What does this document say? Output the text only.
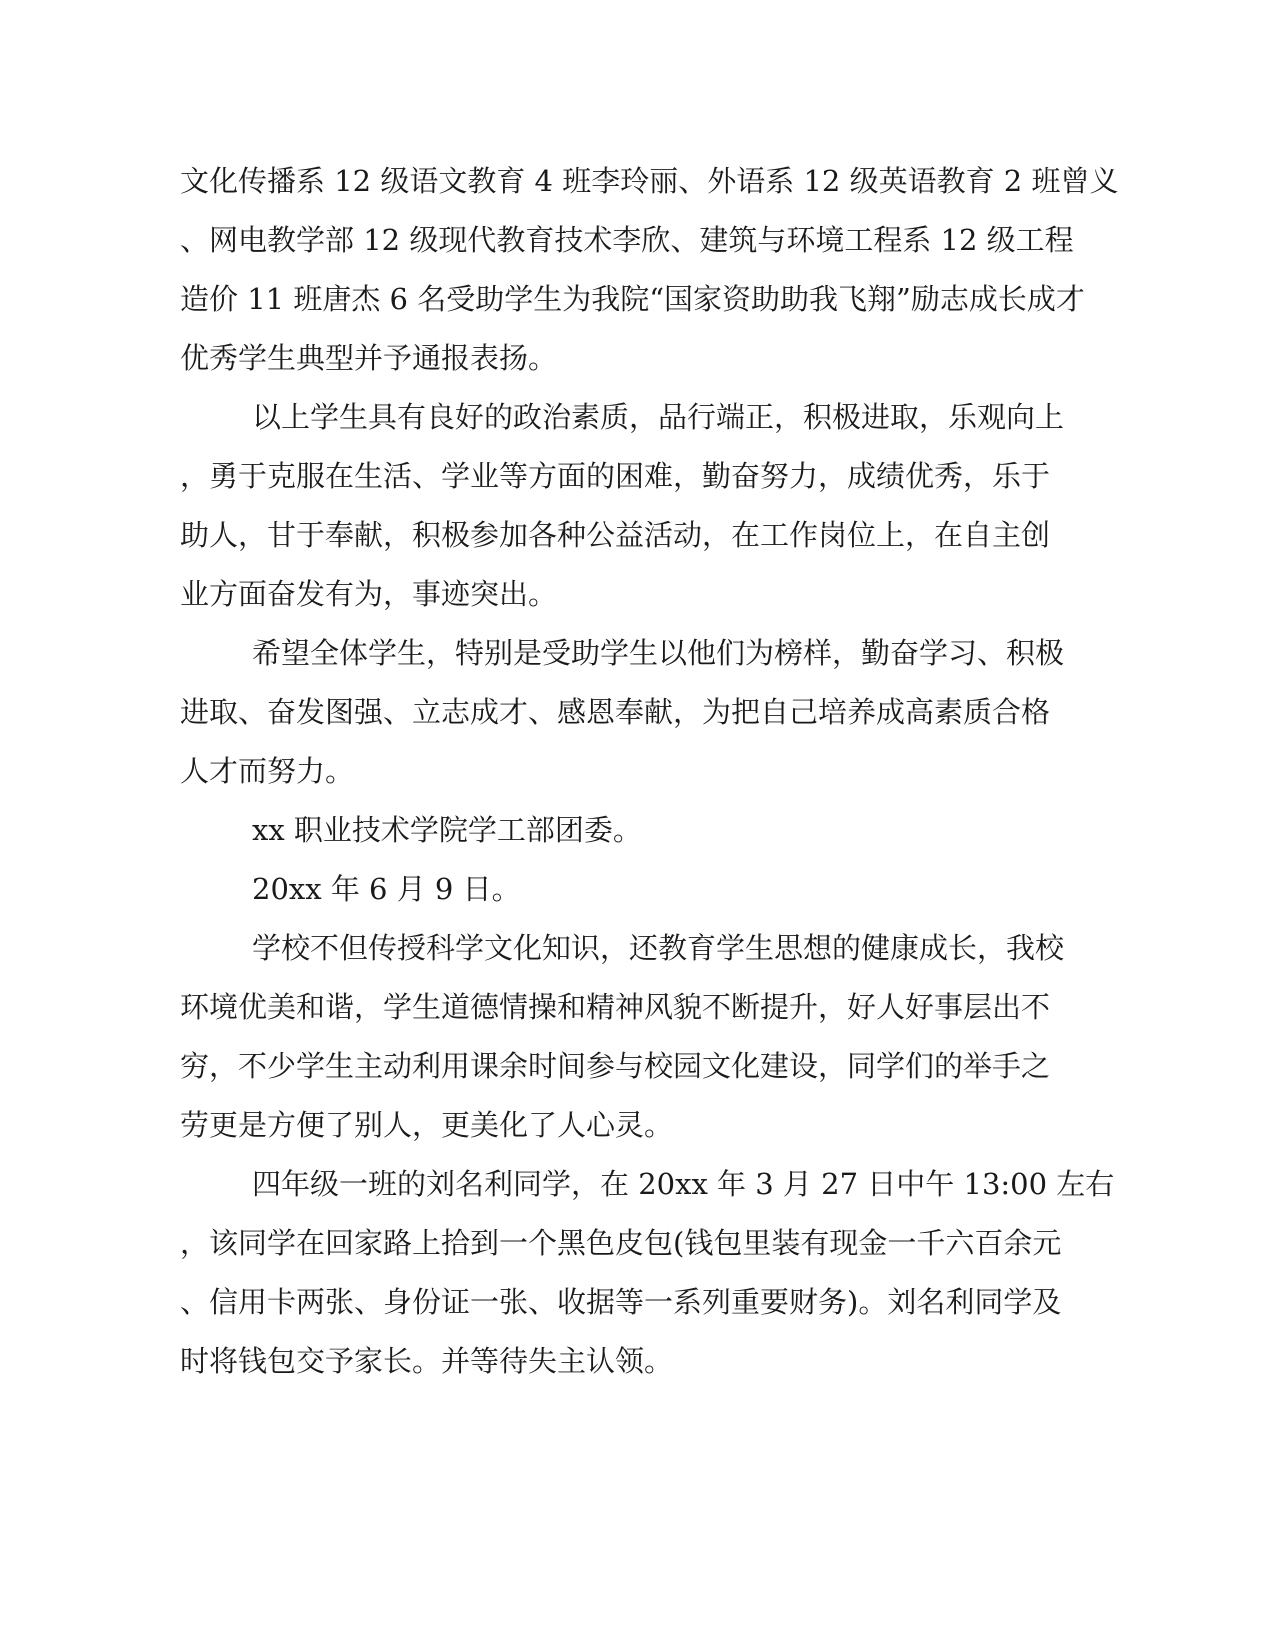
文化传播系 12 级语文教育 4 班李玲丽、外语系 12 级英语教育 2 班曾义
、网电教学部 12 级现代教育技术李欣、建筑与环境工程系 12 级工程
造价 11 班唐杰 6 名受助学生为我院“国家资助助我飞翔”励志成长成才
优秀学生典型并予通报表扬。
以上学生具有良好的政治素质，品行端正，积极进取，乐观向上
，勇于克服在生活、学业等方面的困难，勤奋努力，成绩优秀，乐于
助人，甘于奉献，积极参加各种公益活动，在工作岗位上，在自主创
业方面奋发有为，事迹突出。
希望全体学生，特别是受助学生以他们为榜样，勤奋学习、积极
进取、奋发图强、立志成才、感恩奉献，为把自己培养成高素质合格
人才而努力。
xx 职业技术学院学工部团委。
20xx 年 6 月 9 日。
学校不但传授科学文化知识，还教育学生思想的健康成长，我校
环境优美和谐，学生道德情操和精神风貌不断提升，好人好事层出不
穷，不少学生主动利用课余时间参与校园文化建设，同学们的举手之
劳更是方便了别人，更美化了人心灵。
四年级一班的刘名利同学，在 20xx 年 3 月 27 日中午 13:00 左右
，该同学在回家路上拾到一个黑色皮包(钱包里装有现金一千六百余元
、信用卡两张、身份证一张、收据等一系列重要财务)。刘名利同学及
时将钱包交予家长。并等待失主认领。
